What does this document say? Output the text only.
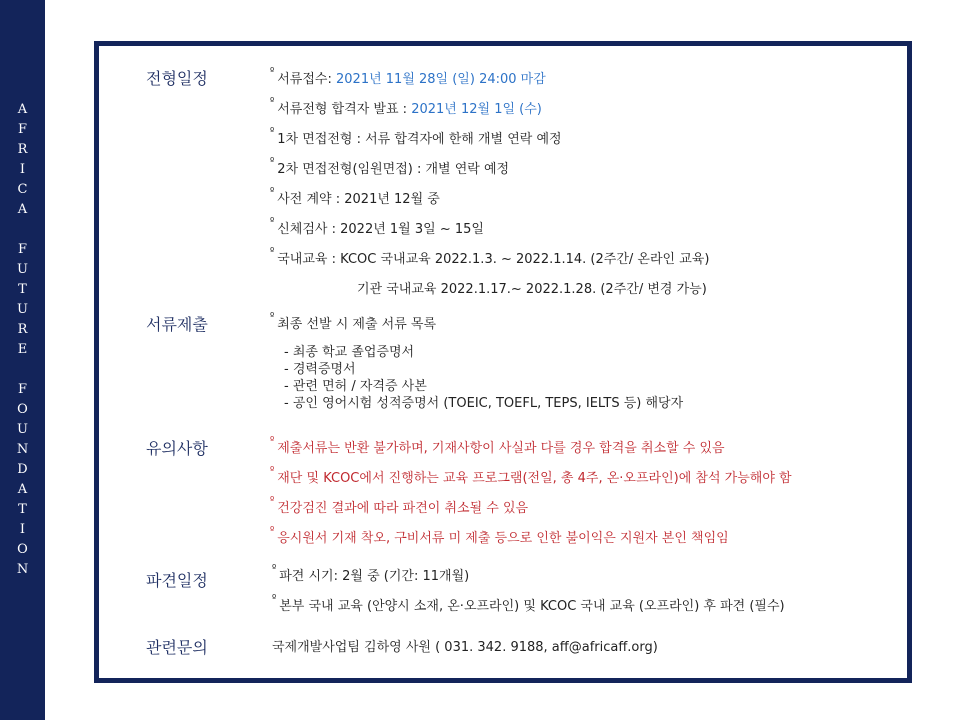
A
F
R
I
C
A
F
U
T
U
R
E
F
O
U
N
D
A
T
I
O
N
전형일정	$^º$ 서류접수: 2021년 11월 28일 (일) 24:00 마감
$^º$ 서류전형 합격자 발표 : 2021년 12월 1일 (수)
$^º$ 1차 면접전형 : 서류 합격자에 한해 개별 연락 예정
$^º$ 2차 면접전형(임원면접) : 개별 연락 예정
$^º$ 사전 계약 : 2021년 12월 중
$^º$ 신체검사 : 2022년 1월 3일 ~ 15일
$^º$ 국내교육 : KCOC 국내교육 2022.1.3. ~ 2022.1.14. (2주간/ 온라인 교육)
기관 국내교육 2022.1.17.~ 2022.1.28. (2주간/ 변경 가능)
서류제출	$^º$ 최종 선발 시 제출 서류 목록
- 최종 학교 졸업증명서
- 경력증명서
- 관련 면허 / 자격증 사본
- 공인 영어시험 성적증명서 (TOEIC, TOEFL, TEPS, IELTS 등) 해당자
유의사항	$^º$ 제출서류는 반환 불가하며, 기재사항이 사실과 다를 경우 합격을 취소할 수 있음
$^º$ 재단 및 KCOC에서 진행하는 교육 프로그램(전일, 총 4주, 온·오프라인)에 참석 가능해야 함
$^º$ 건강검진 결과에 따라 파견이 취소될 수 있음
$^º$ 응시원서 기재 착오, 구비서류 미 제출 등으로 인한 불이익은 지원자 본인 책임임
파견일정
$^º$ 파견 시기: 2월 중 (기간: 11개월)
$^º$ 본부 국내 교육 (안양시 소재, 온·오프라인) 및 KCOC 국내 교육 (오프라인) 후 파견 (필수)
관련문의	국제개발사업팀 김하영 사원 ( 031. 342. 9188, aff@africaff.org)
